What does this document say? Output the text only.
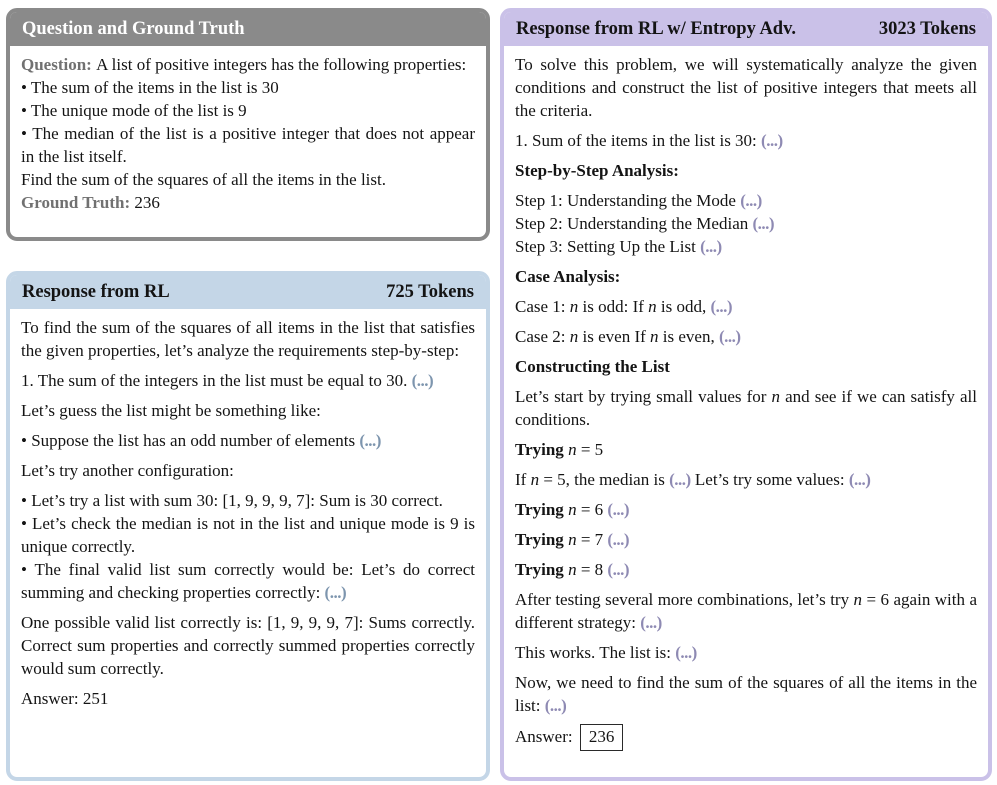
Question and Ground Truth

Question: A list of positive integers has the following properties:

• The sum of the items in the list is 30

• The unique mode of the list is 9

• The median of the list is a positive integer that does not appear in the list itself.

Find the sum of the squares of all the items in the list.

Ground Truth: 236

Response from RL	725 Tokens

To find the sum of the squares of all items in the list that satisfies the given properties, let’s analyze the requirements step-by-step:

1. The sum of the integers in the list must be equal to 30. (...)

Let’s guess the list might be something like:

• Suppose the list has an odd number of elements (...)

Let’s try another configuration:

• Let’s try a list with sum 30: [1, 9, 9, 9, 7]: Sum is 30 correct.

• Let’s check the median is not in the list and unique mode is 9 is unique correctly.

• The final valid list sum correctly would be: Let’s do correct summing and checking properties correctly: (...)

One possible valid list correctly is: [1, 9, 9, 9, 7]: Sums correctly. Correct sum properties and correctly summed properties correctly would sum correctly.

Answer: 251

Response from RL w/ Entropy Adv.	3023 Tokens

To solve this problem, we will systematically analyze the given conditions and construct the list of positive integers that meets all the criteria.

1. Sum of the items in the list is 30: (...)

Step-by-Step Analysis:

Step 1: Understanding the Mode (...)

Step 2: Understanding the Median (...)

Step 3: Setting Up the List (...)

Case Analysis:

Case 1: n is odd: If n is odd, (...)

Case 2: n is even If n is even, (...)

Constructing the List

Let’s start by trying small values for n and see if we can satisfy all conditions.

Trying n = 5

If n = 5, the median is (...) Let’s try some values: (...)

Trying n = 6 (...)

Trying n = 7 (...)

Trying n = 8 (...)

After testing several more combinations, let’s try n = 6 again with a different strategy: (...)

This works. The list is: (...)

Now, we need to find the sum of the squares of all the items in the list: (...)

Answer: 236
